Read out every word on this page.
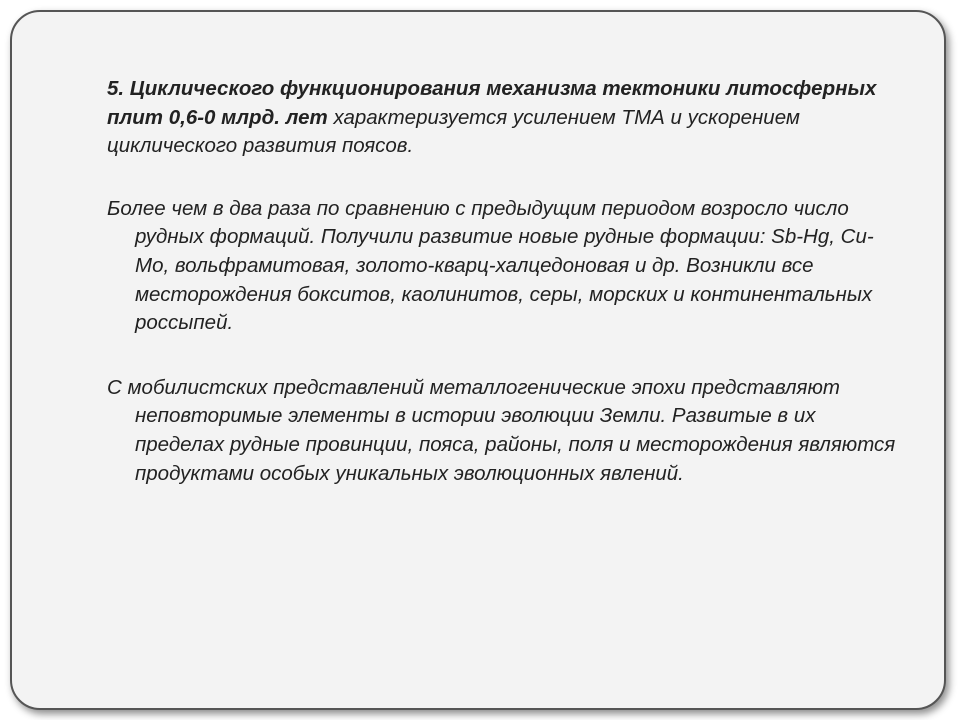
5. Циклического функционирования механизма тектоники литосферных плит 0,6-0 млрд. лет характеризуется усилением ТМА и ускорением циклического развития поясов.

Более чем в два раза по сравнению с предыдущим периодом возросло число рудных формаций. Получили развитие новые рудные формации: Sb-Hg, Cu-Mo, вольфрамитовая, золото-кварц-халцедоновая и др. Возникли все месторождения бокситов, каолинитов, серы, морских и континентальных россыпей.

С мобилистских представлений металлогенические эпохи представляют неповторимые элементы в истории эволюции Земли. Развитые в их пределах рудные провинции, пояса, районы, поля и месторождения являются продуктами особых уникальных эволюционных явлений.
